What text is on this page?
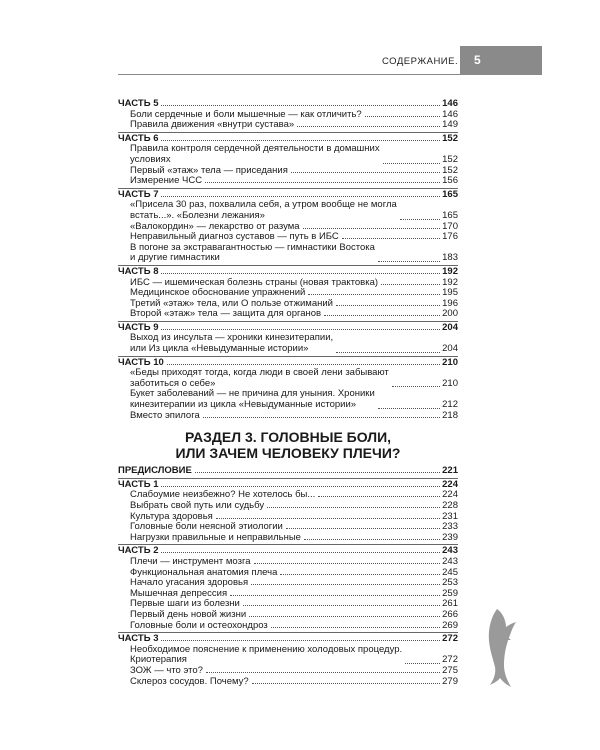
СОДЕРЖАНИЕ.	5
ЧАСТЬ 5	146
Боли сердечные и боли мышечные — как отличить?	146
Правила движения «внутри сустава»	149
ЧАСТЬ 6	152
Правила контроля сердечной деятельности в домашних
условиях	152
Первый «этаж» тела — приседания	152
Измерение ЧСС	156
ЧАСТЬ 7	165
«Присела 30 раз, похвалила себя, а утром вообще не могла
встать...». «Болезни лежания»	165
«Валокордин» — лекарство от разума	170
Неправильный диагноз суставов — путь в ИБС	176
В погоне за экстравагантностью — гимнастики Востока
и другие гимнастики	183
ЧАСТЬ 8	192
ИБС — ишемическая болезнь страны (новая трактовка)	192
Медицинское обоснование упражнений	195
Третий «этаж» тела, или О пользе отжиманий	196
Второй «этаж» тела — защита для органов	200
ЧАСТЬ 9	204
Выход из инсульта — хроники кинезитерапии,
или Из цикла «Невыдуманные истории»	204
ЧАСТЬ 10	210
«Беды приходят тогда, когда люди в своей лени забывают
заботиться о себе»	210
Букет заболеваний — не причина для уныния. Хроники
кинезитерапии из цикла «Невыдуманные истории»	212
Вместо эпилога	218
РАЗДЕЛ 3. ГОЛОВНЫЕ БОЛИ,
ИЛИ ЗАЧЕМ ЧЕЛОВЕКУ ПЛЕЧИ?
ПРЕДИСЛОВИЕ	221
ЧАСТЬ 1	224
Слабоумие неизбежно? Не хотелось бы...	224
Выбрать свой путь или судьбу	228
Культура здоровья	231
Головные боли неясной этиологии	233
Нагрузки правильные и неправильные	239
ЧАСТЬ 2	243
Плечи — инструмент мозга	243
Функциональная анатомия плеча	245
Начало угасания здоровья	253
Мышечная депрессия	259
Первые шаги из болезни	261
Первый день новой жизни	266
Головные боли и остеохондроз	269
ЧАСТЬ 3	272
Необходимое пояснение к применению холодовых процедур.
Криотерапия	272
ЗОЖ — что это?	275
Склероз сосудов. Почему?	279
